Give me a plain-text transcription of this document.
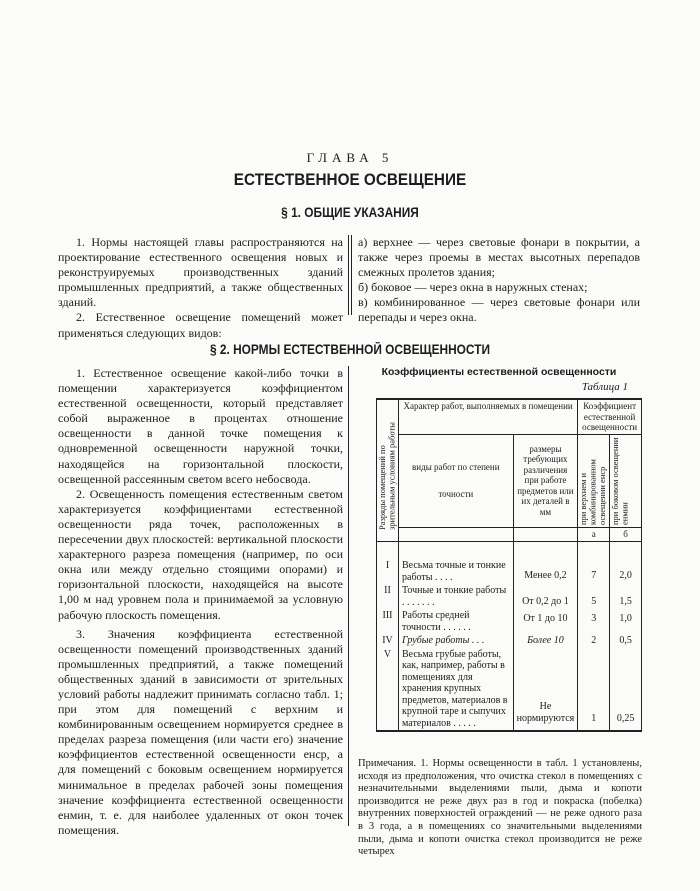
ГЛАВА 5
ЕСТЕСТВЕННОЕ ОСВЕЩЕНИЕ
§ 1. ОБЩИЕ УКАЗАНИЯ

1. Нормы настоящей главы распространяются на проектирование естественного освещения новых и реконструируемых производственных зданий промышленных предприятий, а также общественных зданий.

2. Естественное освещение помещений может применяться следующих видов:

а) верхнее — через световые фонари в покрытии, а также через проемы в местах высотных перепадов смежных пролетов здания;

б) боковое — через окна в наружных стенах;

в) комбинированное — через световые фонари или перепады и через окна.

§ 2. НОРМЫ ЕСТЕСТВЕННОЙ ОСВЕЩЕННОСТИ

1. Естественное освещение какой-либо точки в помещении характеризуется коэффициентом естественной освещенности, который представляет собой выраженное в процентах отношение освещенности в данной точке помещения к одновременной освещенности наружной точки, находящейся на горизонтальной плоскости, освещенной рассеянным светом всего небосвода.

2. Освещенность помещения естественным светом характеризуется коэффициентами естественной освещенности ряда точек, расположенных в пересечении двух плоскостей: вертикальной плоскости характерного разреза помещения (например, по оси окна или между отдельно стоящими опорами) и горизонтальной плоскости, находящейся на высоте 1,00 м над уровнем пола и принимаемой за условную рабочую плоскость помещения.

3. Значения коэффициента естественной освещенности помещений производственных зданий промышленных предприятий, а также помещений общественных зданий в зависимости от зрительных условий работы надлежит принимать согласно табл. 1; при этом для помещений с верхним и комбинированным освещением нормируется среднее в пределах разреза помещения (или части его) значение коэффициентов естественной освещенности eнср, а для помещений с боковым освещением нормируется минимальное в пределах рабочей зоны помещения значение коэффициента естественной освещенности eнмин, т. е. для наиболее удаленных от окон точек помещения.

Коэффициенты естественной освещенности
Таблица 1
Разряды помещений по зрительным условиям работы	Характер работ, выполняемых в помещении		Коэффициент естественной освещенности	

	виды работ по степени
точности	размеры требующих различения при работе предметов или их деталей в мм	при верхнем и комбинированном освещении eнср	при боковом освещении eнмин

			а	б
I	Весьма точные и тонкие работы . . . .	Менее 0,2	7	2,0
II	Точные и тонкие работы . . . . . . .	От 0,2 до 1	5	1,5
III	Работы средней точности . . . . . .	От 1 до 10	3	1,0
IV	Грубые работы . . .	Более 10	2	0,5
V	Весьма грубые работы, как, например, работы в помещениях для хранения крупных предметов, материалов в крупной таре и сыпучих материалов . . . . .	Не нормируются	1	0,25

Примечания. 1. Нормы освещенности в табл. 1 установлены, исходя из предположения, что очистка стекол в помещениях с незначительными выделениями пыли, дыма и копоти производится не реже двух раз в год и покраска (побелка) внутренних поверхностей ограждений — не реже одного раза в 3 года, а в помещениях со значительными выделениями пыли, дыма и копоти очистка стекол производится не реже четырех
